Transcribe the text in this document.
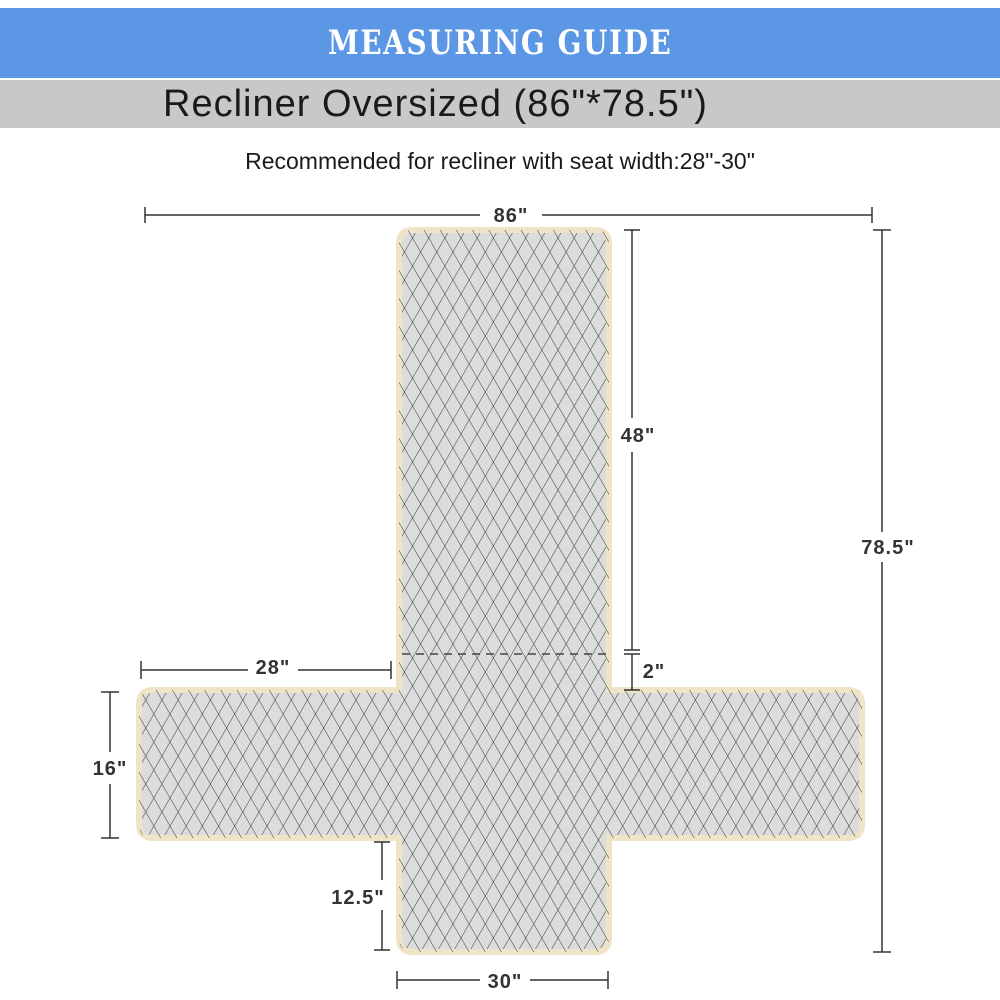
MEASURING GUIDE
Recliner Oversized (86"*78.5")
Recommended for recliner with seat width:28"-30"
86"
78.5"
48"
2"
28"
16"
12.5"
30"
